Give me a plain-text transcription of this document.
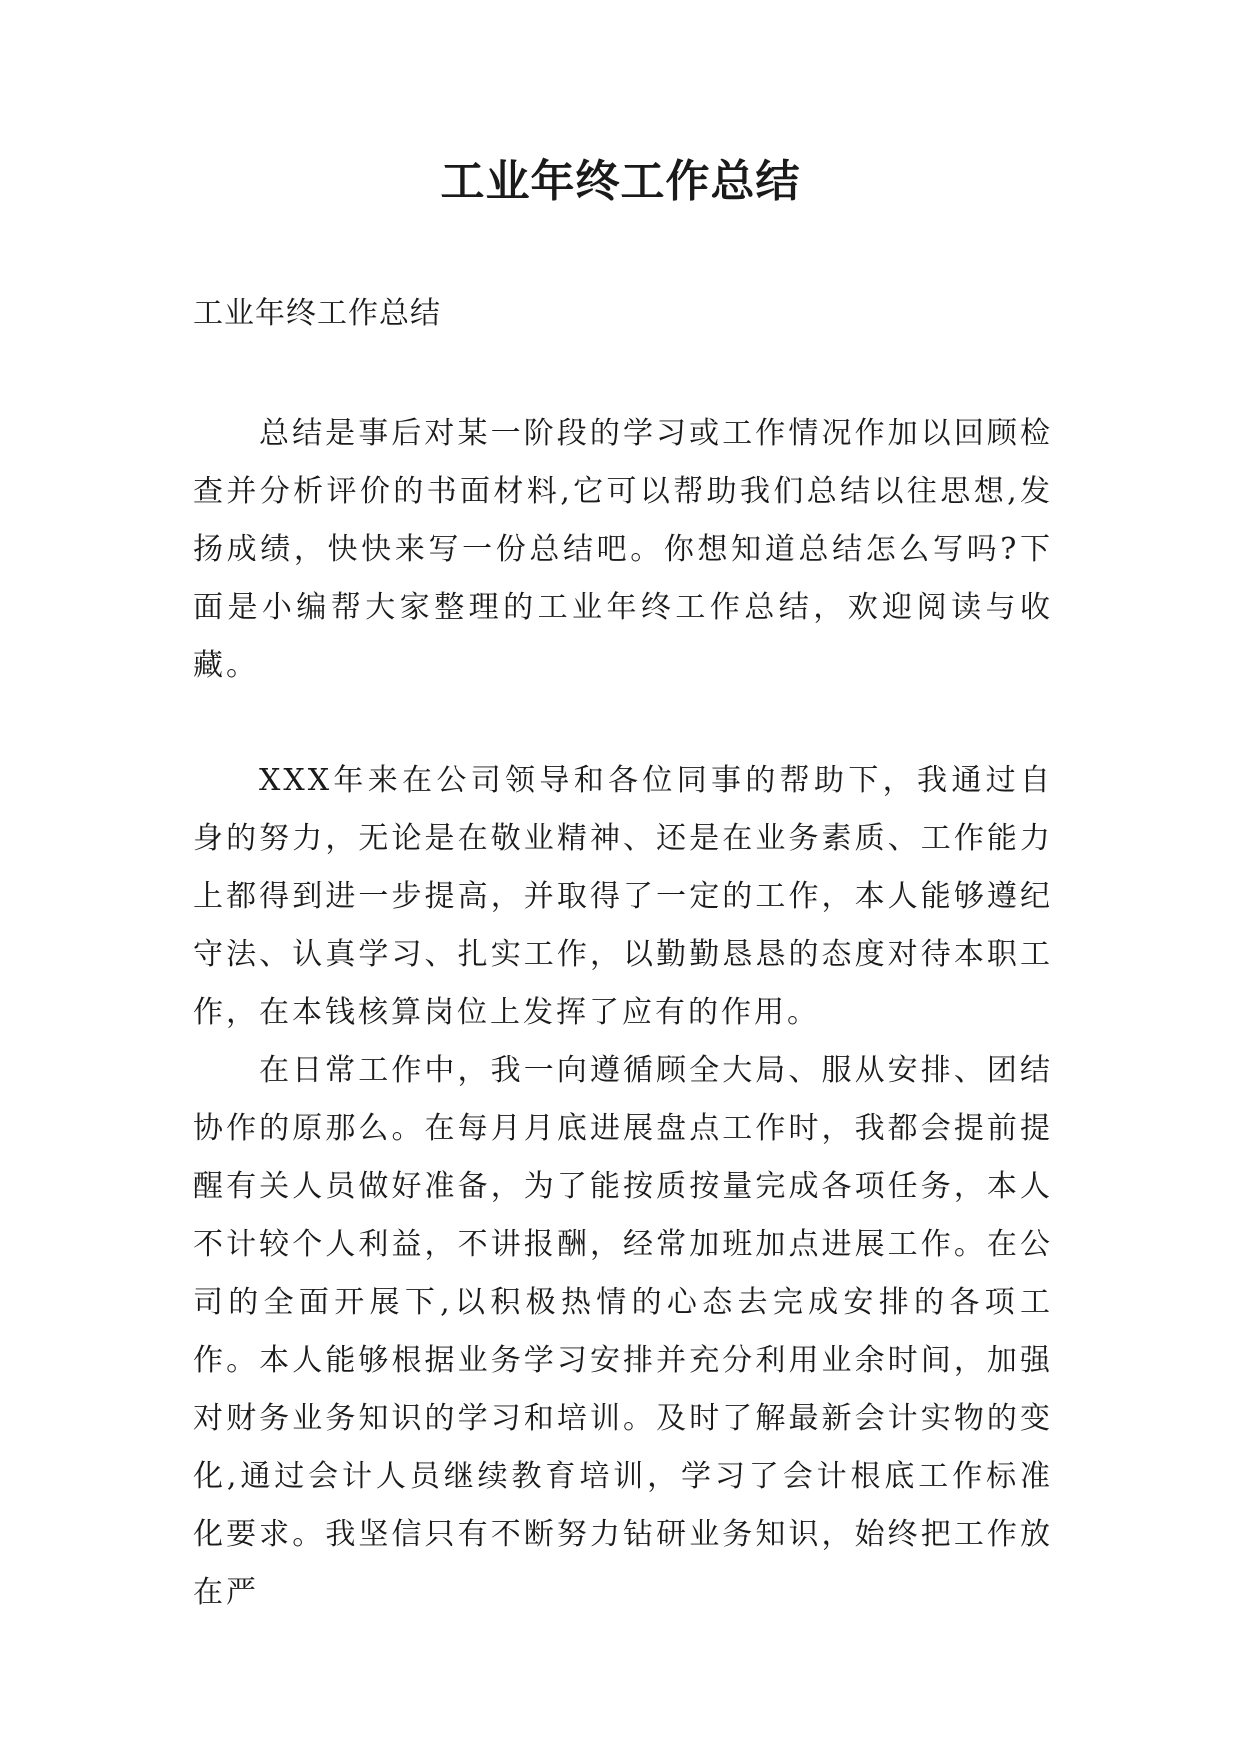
工业年终工作总结

工业年终工作总结

总结是事后对某一阶段的学习或工作情况作加以回顾检查并分析评价的书面材料,它可以帮助我们总结以往思想,发扬成绩，快快来写一份总结吧。你想知道总结怎么写吗?下面是小编帮大家整理的工业年终工作总结，欢迎阅读与收藏。

XXX年来在公司领导和各位同事的帮助下，我通过自身的努力，无论是在敬业精神、还是在业务素质、工作能力上都得到进一步提高，并取得了一定的工作，本人能够遵纪守法、认真学习、扎实工作，以勤勤恳恳的态度对待本职工作，在本钱核算岗位上发挥了应有的作用。

在日常工作中，我一向遵循顾全大局、服从安排、团结协作的原那么。在每月月底进展盘点工作时，我都会提前提醒有关人员做好准备，为了能按质按量完成各项任务，本人不计较个人利益，不讲报酬，经常加班加点进展工作。在公司的全面开展下,以积极热情的心态去完成安排的各项工作。本人能够根据业务学习安排并充分利用业余时间，加强对财务业务知识的学习和培训。及时了解最新会计实物的变化,通过会计人员继续教育培训，学习了会计根底工作标准化要求。我坚信只有不断努力钻研业务知识，始终把工作放在严
